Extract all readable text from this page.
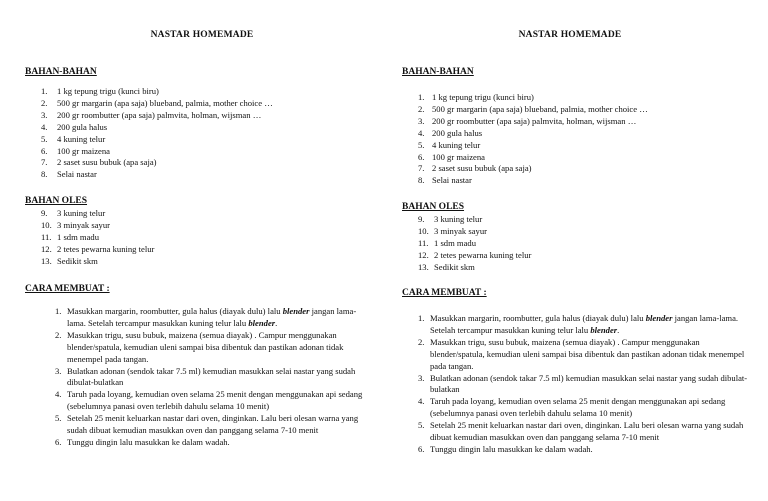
NASTAR HOMEMADE
BAHAN-BAHAN
1. 1 kg tepung trigu (kunci biru)
2. 500 gr margarin (apa saja) blueband, palmia, mother choice …
3. 200 gr roombutter (apa saja) palmvita, holman, wijsman …
4. 200 gula halus
5. 4 kuning telur
6. 100 gr maizena
7. 2 saset susu bubuk (apa saja)
8. Selai nastar
BAHAN OLES
9. 3 kuning telur
10. 3 minyak sayur
11. 1 sdm madu
12. 2 tetes pewarna kuning telur
13. Sedikit skm
CARA MEMBUAT :
1. Masukkan margarin, roombutter, gula halus (diayak dulu) lalu blender jangan lama-lama. Setelah tercampur masukkan kuning telur lalu blender.
2. Masukkan trigu, susu bubuk, maizena (semua diayak) . Campur menggunakan blender/spatula, kemudian uleni sampai bisa dibentuk dan pastikan adonan tidak menempel pada tangan.
3. Bulatkan adonan (sendok takar 7.5 ml) kemudian masukkan selai nastar yang sudah dibulat-bulatkan
4. Taruh pada loyang, kemudian oven selama 25 menit dengan menggunakan api sedang (sebelumnya panasi oven terlebih dahulu selama 10 menit)
5. Setelah 25 menit keluarkan nastar dari oven, dinginkan. Lalu beri olesan warna yang sudah dibuat kemudian masukkan oven dan panggang selama 7-10 menit
6. Tunggu dingin lalu masukkan ke dalam wadah.
NASTAR HOMEMADE
BAHAN-BAHAN
1. 1 kg tepung trigu (kunci biru)
2. 500 gr margarin (apa saja) blueband, palmia, mother choice …
3. 200 gr roombutter (apa saja) palmvita, holman, wijsman …
4. 200 gula halus
5. 4 kuning telur
6. 100 gr maizena
7. 2 saset susu bubuk (apa saja)
8. Selai nastar
BAHAN OLES
9. 3 kuning telur
10. 3 minyak sayur
11. 1 sdm madu
12. 2 tetes pewarna kuning telur
13. Sedikit skm
CARA MEMBUAT :
1. Masukkan margarin, roombutter, gula halus (diayak dulu) lalu blender jangan lama-lama. Setelah tercampur masukkan kuning telur lalu blender.
2. Masukkan trigu, susu bubuk, maizena (semua diayak) . Campur menggunakan blender/spatula, kemudian uleni sampai bisa dibentuk dan pastikan adonan tidak menempel pada tangan.
3. Bulatkan adonan (sendok takar 7.5 ml) kemudian masukkan selai nastar yang sudah dibulat-bulatkan
4. Taruh pada loyang, kemudian oven selama 25 menit dengan menggunakan api sedang (sebelumnya panasi oven terlebih dahulu selama 10 menit)
5. Setelah 25 menit keluarkan nastar dari oven, dinginkan. Lalu beri olesan warna yang sudah dibuat kemudian masukkan oven dan panggang selama 7-10 menit
6. Tunggu dingin lalu masukkan ke dalam wadah.
